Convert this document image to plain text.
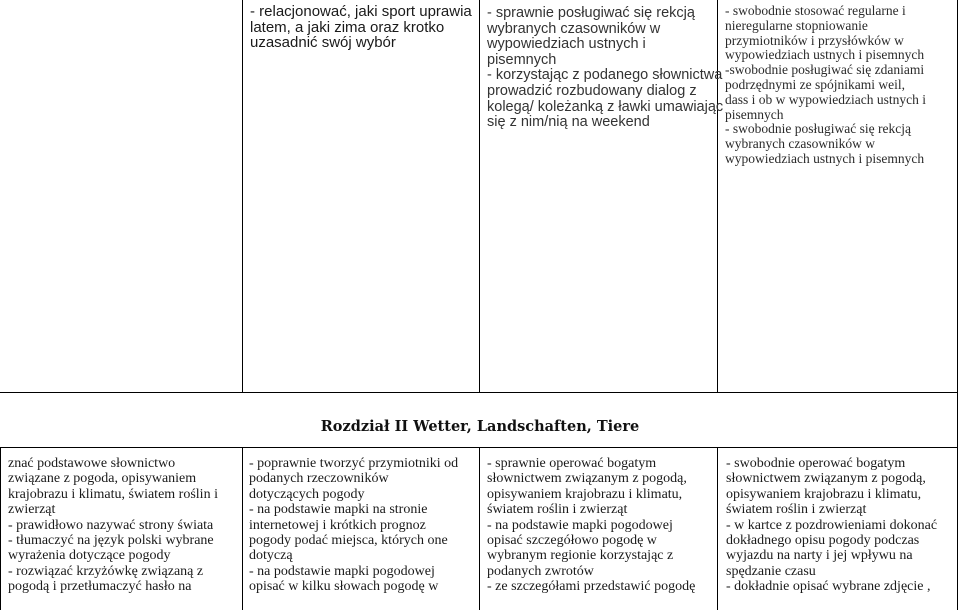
- relacjonować, jaki sport uprawia
latem, a jaki zima oraz krotko
uzasadnić swój wybór
- sprawnie posługiwać się rekcją
wybranych czasowników w
wypowiedziach ustnych i
pisemnych
- korzystając z podanego słownictwa
prowadzić rozbudowany dialog z
kolegą/ koleżanką z ławki umawiając
się z nim/nią na weekend
- swobodnie stosować regularne i
nieregularne stopniowanie
przymiotników i przysłówków w
wypowiedziach ustnych i pisemnych
-swobodnie posługiwać się zdaniami
podrzędnymi ze spójnikami weil,
dass i ob w wypowiedziach ustnych i
pisemnych
- swobodnie posługiwać się rekcją
wybranych czasowników w
wypowiedziach ustnych i pisemnych
Rozdział II Wetter, Landschaften, Tiere
znać podstawowe słownictwo
związane z pogoda, opisywaniem
krajobrazu i klimatu, światem roślin i
zwierząt
- prawidłowo nazywać strony świata
- tłumaczyć na język polski wybrane
wyrażenia dotyczące pogody
- rozwiązać krzyżówkę związaną z
pogodą i przetłumaczyć hasło na
- poprawnie tworzyć przymiotniki od
podanych rzeczowników
dotyczących pogody
- na podstawie mapki na stronie
internetowej i krótkich prognoz
pogody podać miejsca, których one
dotyczą
- na podstawie mapki pogodowej
opisać w kilku słowach pogodę w
- sprawnie operować bogatym
słownictwem związanym z pogodą,
opisywaniem krajobrazu i klimatu,
światem roślin i zwierząt
- na podstawie mapki pogodowej
opisać szczegółowo pogodę w
wybranym regionie korzystając z
podanych zwrotów
- ze szczegółami przedstawić pogodę
- swobodnie operować bogatym
słownictwem związanym z pogodą,
opisywaniem krajobrazu i klimatu,
światem roślin i zwierząt
- w kartce z pozdrowieniami dokonać
dokładnego opisu pogody podczas
wyjazdu na narty i jej wpływu na
spędzanie czasu
- dokładnie opisać wybrane zdjęcie ,
